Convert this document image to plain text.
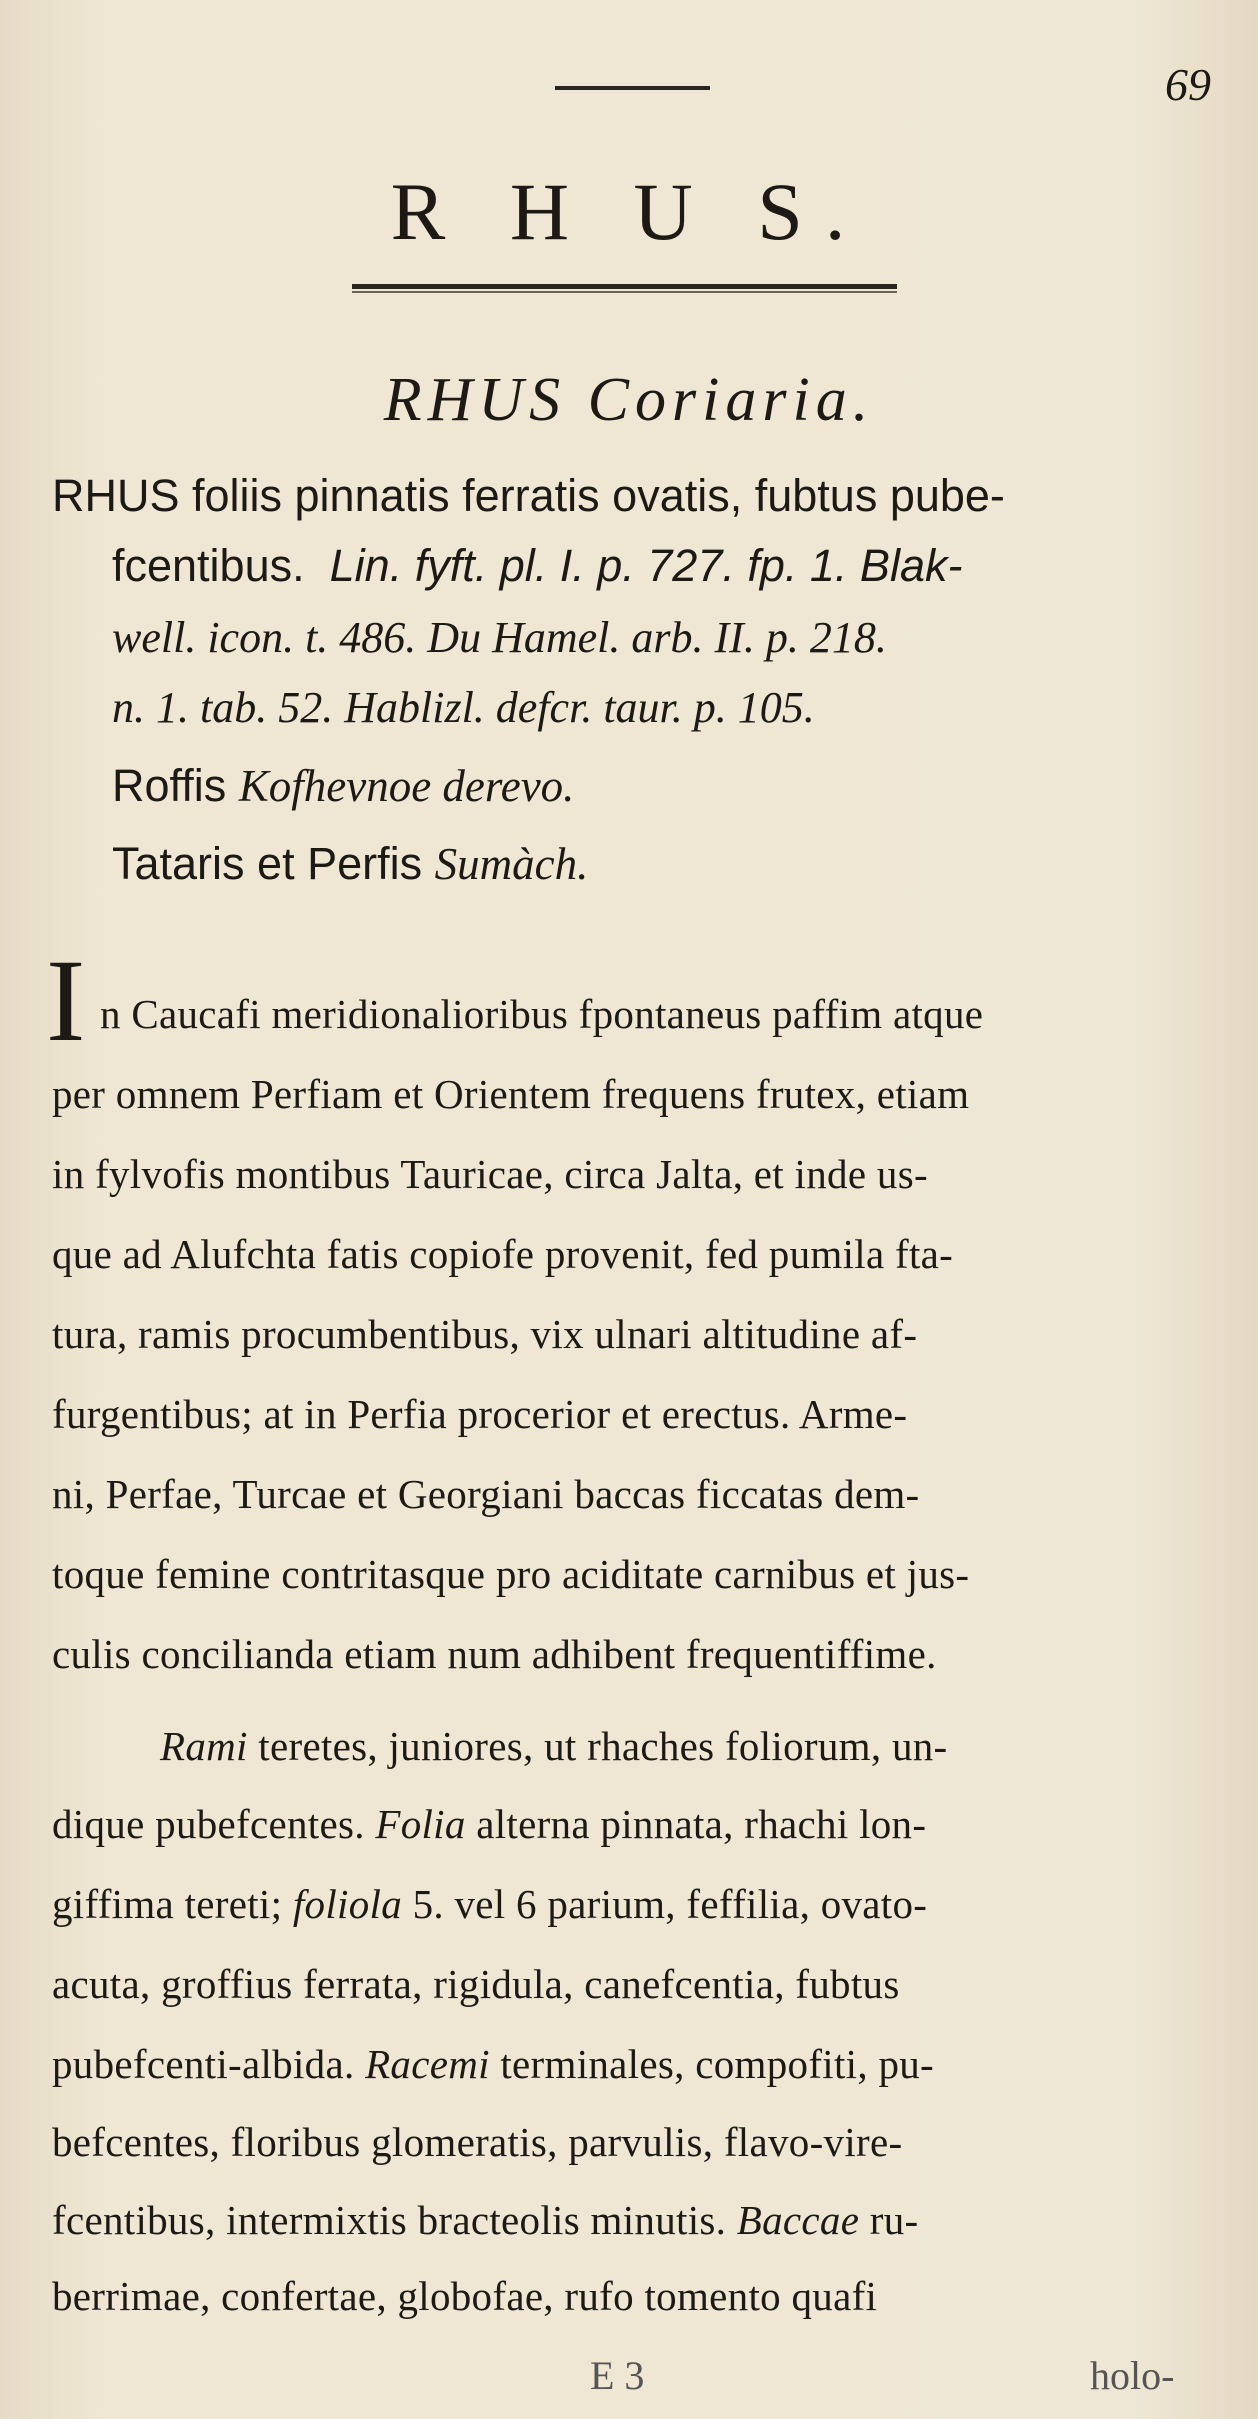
69
R H U S.
RHUS Coriaria.
RHUS foliis pinnatis ferratis ovatis, fubtus pube-
fcentibus. Lin. fyft. pl. I. p. 727. fp. 1. Blak-
well. icon. t. 486. Du Hamel. arb. II. p. 218.
n. 1. tab. 52. Hablizl. defcr. taur. p. 105.
Roffis Kofhevnoe derevo.
Tataris et Perfis Sumàch.
I n Caucafi meridionalioribus fpontaneus paffim atque
per omnem Perfiam et Orientem frequens frutex, etiam
in fylvofis montibus Tauricae, circa Jalta, et inde us-
que ad Alufchta fatis copiofe provenit, fed pumila fta-
tura, ramis procumbentibus, vix ulnari altitudine af-
furgentibus; at in Perfia procerior et erectus. Arme-
ni, Perfae, Turcae et Georgiani baccas ficcatas dem-
toque femine contritasque pro aciditate carnibus et jus-
culis concilianda etiam num adhibent frequentiffime.
Rami teretes, juniores, ut rhaches foliorum, un-
dique pubefcentes. Folia alterna pinnata, rhachi lon-
giffima tereti; foliola 5. vel 6 parium, feffilia, ovato-
acuta, groffius ferrata, rigidula, canefcentia, fubtus
pubefcenti-albida. Racemi terminales, compofiti, pu-
befcentes, floribus glomeratis, parvulis, flavo-vire-
fcentibus, intermixtis bracteolis minutis. Baccae ru-
berrimae, confertae, globofae, rufo tomento quafi
E 3	holo-
